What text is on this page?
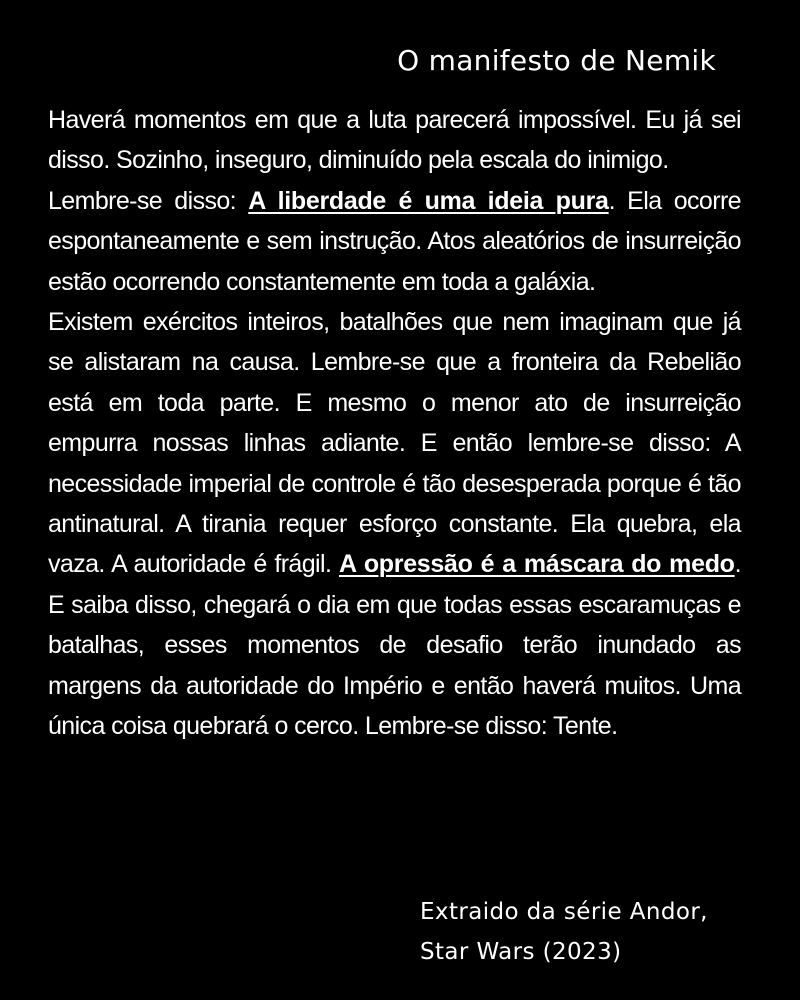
O manifesto de Nemik

Haverá momentos em que a luta parecerá impossível. Eu já sei disso. Sozinho, inseguro, diminuído pela escala do inimigo.

Lembre-se disso: A liberdade é uma ideia pura. Ela ocorre espontaneamente e sem instrução. Atos aleatórios de insurreição estão ocorrendo constantemente em toda a galáxia.

Existem exércitos inteiros, batalhões que nem imaginam que já se alistaram na causa. Lembre-se que a fronteira da Rebelião está em toda parte. E mesmo o menor ato de insurreição empurra nossas linhas adiante. E então lembre-se disso: A necessidade imperial de controle é tão desesperada porque é tão antinatural. A tirania requer esforço constante. Ela quebra, ela vaza. A autoridade é frágil. A opressão é a máscara do medo. E saiba disso, chegará o dia em que todas essas escaramuças e batalhas, esses momentos de desafio terão inundado as margens da autoridade do Império e então haverá muitos. Uma única coisa quebrará o cerco. Lembre-se disso: Tente.

Extraido da série Andor,
Star Wars (2023)
